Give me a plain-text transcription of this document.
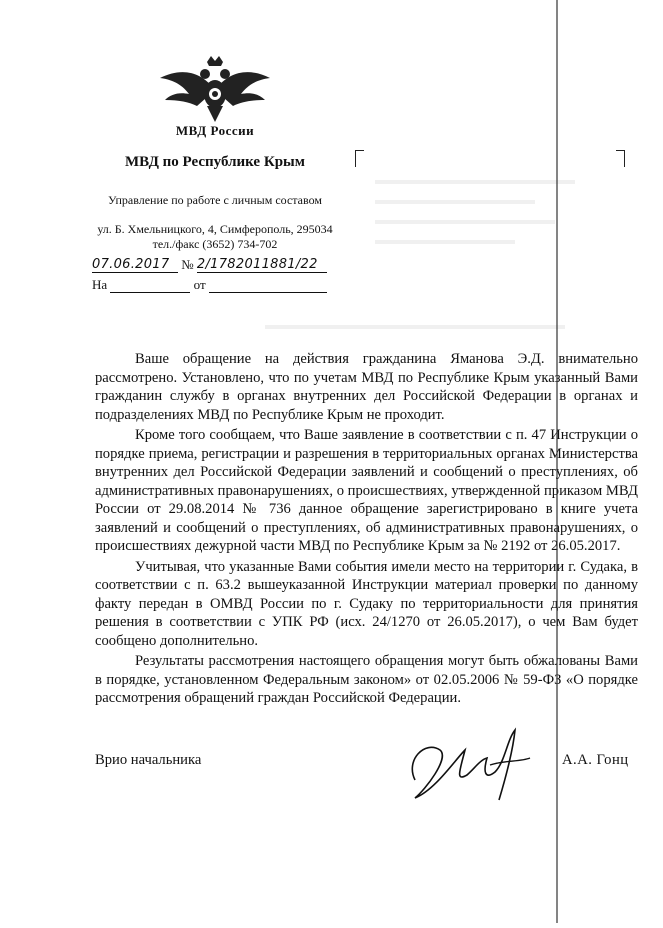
МВД России
МВД по Республике Крым
Управление по работе с личным составом
ул. Б. Хмельницкого, 4, Симферополь, 295034
тел./факс (3652) 734-702
07.06.2017 № 2/1782011881/22
На	от

Ваше обращение на действия гражданина Яманова Э.Д. внимательно рассмотрено. Установлено, что по учетам МВД по Республике Крым указанный Вами гражданин службу в органах внутренних дел Российской Федерации в органах и подразделениях МВД по Республике Крым не проходит.

Кроме того сообщаем, что Ваше заявление в соответствии с п. 47 Инструкции о порядке приема, регистрации и разрешения в территориальных органах Министерства внутренних дел Российской Федерации заявлений и сообщений о преступлениях, об административных правонарушениях, о происшествиях, утвержденной приказом МВД России от 29.08.2014 № 736 данное обращение зарегистрировано в книге учета заявлений и сообщений о преступлениях, об административных правонарушениях, о происшествиях дежурной части МВД по Республике Крым за № 2192 от 26.05.2017.

Учитывая, что указанные Вами события имели место на территории г. Судака, в соответствии с п. 63.2 вышеуказанной Инструкции материал проверки по данному факту передан в ОМВД России по г. Судаку по территориальности для принятия решения в соответствии с УПК РФ (исх. 24/1270 от 26.05.2017), о чем Вам будет сообщено дополнительно.

Результаты рассмотрения настоящего обращения могут быть обжалованы Вами в порядке, установленном Федеральным законом» от 02.05.2006 № 59-ФЗ «О порядке рассмотрения обращений граждан Российской Федерации.

Врио начальника	А.А. Гонц
